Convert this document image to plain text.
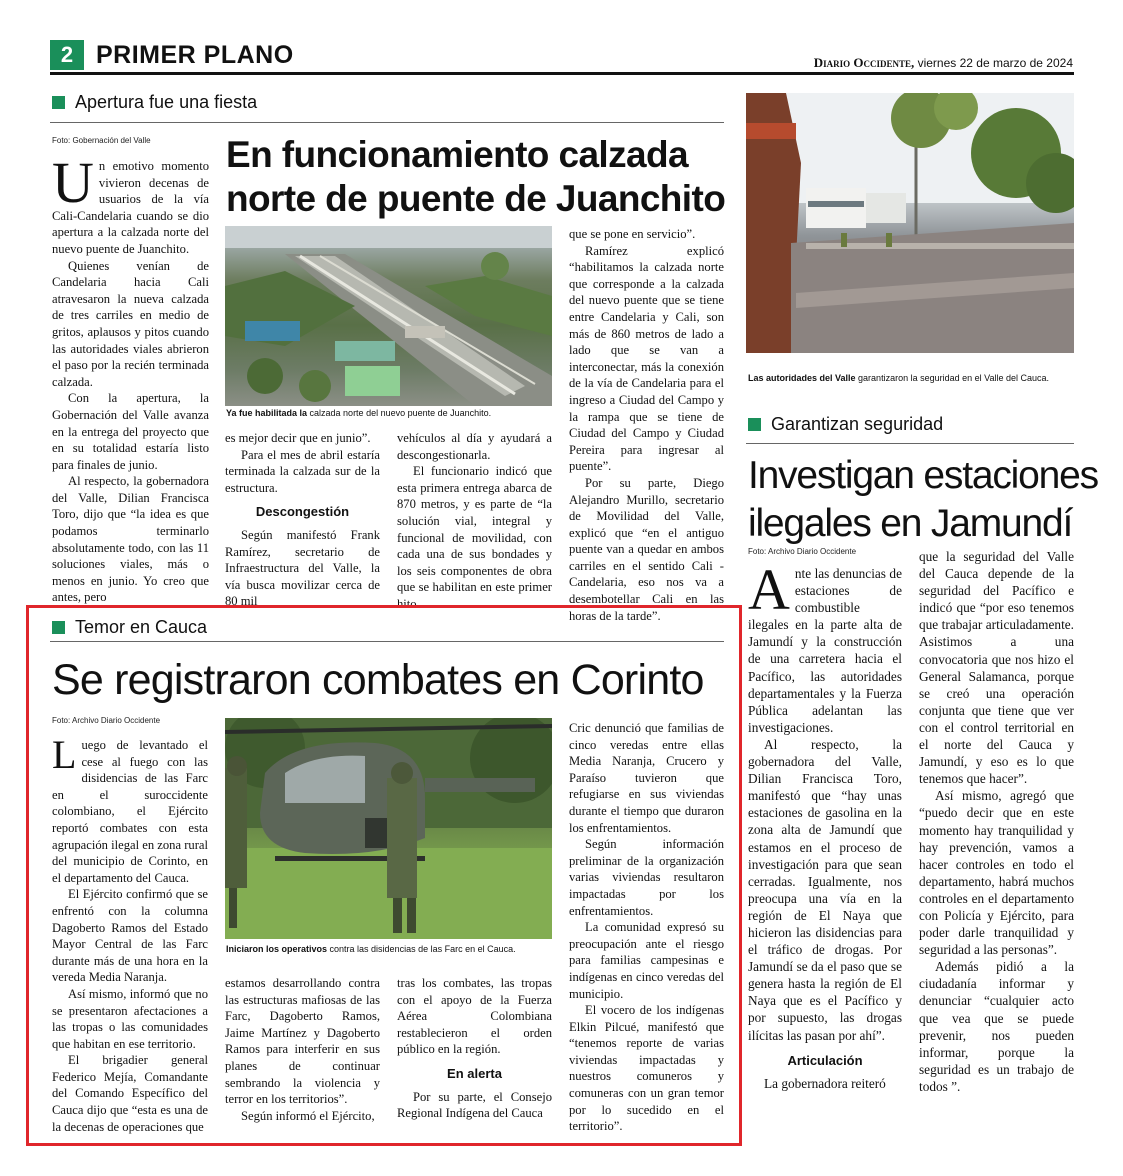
2 PRIMER PLANO	Diario Occidente, viernes 22 de marzo de 2024
Apertura fue una fiesta
Foto: Gobernación del Valle En funcionamiento calzada
norte de puente de Juanchito
Ya fue habilitada la calzada norte del nuevo puente de Juanchito.

Un emotivo momento vivieron decenas de usuarios de la vía Cali-Candelaria cuando se dio apertura a la calzada norte del nuevo puente de Juanchito.

Quienes venían de Candelaria hacia Cali atravesaron la nueva calzada de tres carriles en medio de gritos, aplausos y pitos cuando las autoridades viales abrieron el paso por la recién terminada calzada.

Con la apertura, la Gobernación del Valle avanza en la entrega del proyecto que en su totalidad estaría listo para finales de junio.

Al respecto, la gobernadora del Valle, Dilian Francisca Toro, dijo que “la idea es que podamos terminarlo absolutamente todo, con las 11 soluciones viales, más o menos en junio. Yo creo que antes, pero

es mejor decir que en junio”.

Para el mes de abril estaría terminada la calzada sur de la estructura.

Descongestión

Según manifestó Frank Ramírez, secretario de Infraestructura del Valle, la vía busca movilizar cerca de 80 mil

vehículos al día y ayudará a descongestionarla.

El funcionario indicó que esta primera entrega abarca de 870 metros, y es parte de “la solución vial, integral y funcional de movilidad, con cada una de sus bondades y los seis componentes de obra que se habilitan en este primer hito

que se pone en servicio”.

Ramírez explicó “habilitamos la calzada norte que corresponde a la calzada del nuevo puente que se tiene entre Candelaria y Cali, son más de 860 metros de lado a lado que se van a interconectar, más la conexión de la vía de Candelaria para el ingreso a Ciudad del Campo y la rampa que se tiene de Ciudad del Campo y Ciudad Pereira para ingresar al puente”.

Por su parte, Diego Alejandro Murillo, secretario de Movilidad del Valle, explicó que “en el antiguo puente van a quedar en ambos carriles en el sentido Cali - Candelaria, eso nos va a desembotellar Cali en las horas de la tarde”.

Las autoridades del Valle garantizaron la seguridad en el Valle del Cauca.
Garantizan seguridad
Investigan estaciones
ilegales en Jamundí
Foto: Archivo Diario Occidente

Ante las denuncias de estaciones de combustible ilegales en la parte alta de Jamundí y la construcción de una carretera hacia el Pacífico, las autoridades departamentales y la Fuerza Pública adelantan las investigaciones.

Al respecto, la gobernadora del Valle, Dilian Francisca Toro, manifestó que “hay unas estaciones de gasolina en la zona alta de Jamundí que estamos en el proceso de investigación para que sean cerradas. Igualmente, nos preocupa una vía en la región de El Naya que hicieron las disidencias para el tráfico de drogas. Por Jamundí se da el paso que se genera hasta la región de El Naya que es el Pacífico y por supuesto, las drogas ilícitas las pasan por ahí”.

Articulación

La gobernadora reiteró

que la seguridad del Valle del Cauca depende de la seguridad del Pacífico e indicó que “por eso tenemos que trabajar articuladamente. Asistimos a una convocatoria que nos hizo el General Salamanca, porque se creó una operación conjunta que tiene que ver con el control territorial en el norte del Cauca y Jamundí, y eso es lo que tenemos que hacer”.

Así mismo, agregó que “puedo decir que en este momento hay tranquilidad y hay prevención, vamos a hacer controles en todo el departamento, habrá muchos controles en el departamento con Policía y Ejército, para poder darle tranquilidad y seguridad a las personas”.

Además pidió a la ciudadanía informar y denunciar “cualquier acto que vea que se puede prevenir, nos pueden informar, porque la seguridad es un trabajo de todos ”.

Temor en Cauca
Se registraron combates en Corinto
Foto: Archivo Diario Occidente
Iniciaron los operativos contra las disidencias de las Farc en el Cauca.

Luego de levantado el cese al fuego con las disidencias de las Farc en el suroccidente colombiano, el Ejército reportó combates con esta agrupación ilegal en zona rural del municipio de Corinto, en el departamento del Cauca.

El Ejército confirmó que se enfrentó con la columna Dagoberto Ramos del Estado Mayor Central de las Farc durante más de una hora en la vereda Media Naranja.

Así mismo, informó que no se presentaron afectaciones a las tropas o las comunidades que habitan en ese territorio.

El brigadier general Federico Mejía, Comandante del Comando Específico del Cauca dijo que “esta es una de la decenas de operaciones que

estamos desarrollando contra las estructuras mafiosas de las Farc, Dagoberto Ramos, Jaime Martínez y Dagoberto Ramos para interferir en sus planes de continuar sembrando la violencia y terror en los territorios”.

Según informó el Ejército,

tras los combates, las tropas con el apoyo de la Fuerza Aérea Colombiana restablecieron el orden público en la región.

En alerta

Por su parte, el Consejo Regional Indígena del Cauca

Cric denunció que familias de cinco veredas entre ellas Media Naranja, Crucero y Paraíso tuvieron que refugiarse en sus viviendas durante el tiempo que duraron los enfrentamientos.

Según información preliminar de la organización varias viviendas resultaron impactadas por los enfrentamientos.

La comunidad expresó su preocupación ante el riesgo para familias campesinas e indígenas en cinco veredas del municipio.

El vocero de los indígenas Elkin Pilcué, manifestó que “tenemos reporte de varias viviendas impactadas y nuestros comuneros y comuneras con un gran temor por lo sucedido en el territorio”.
